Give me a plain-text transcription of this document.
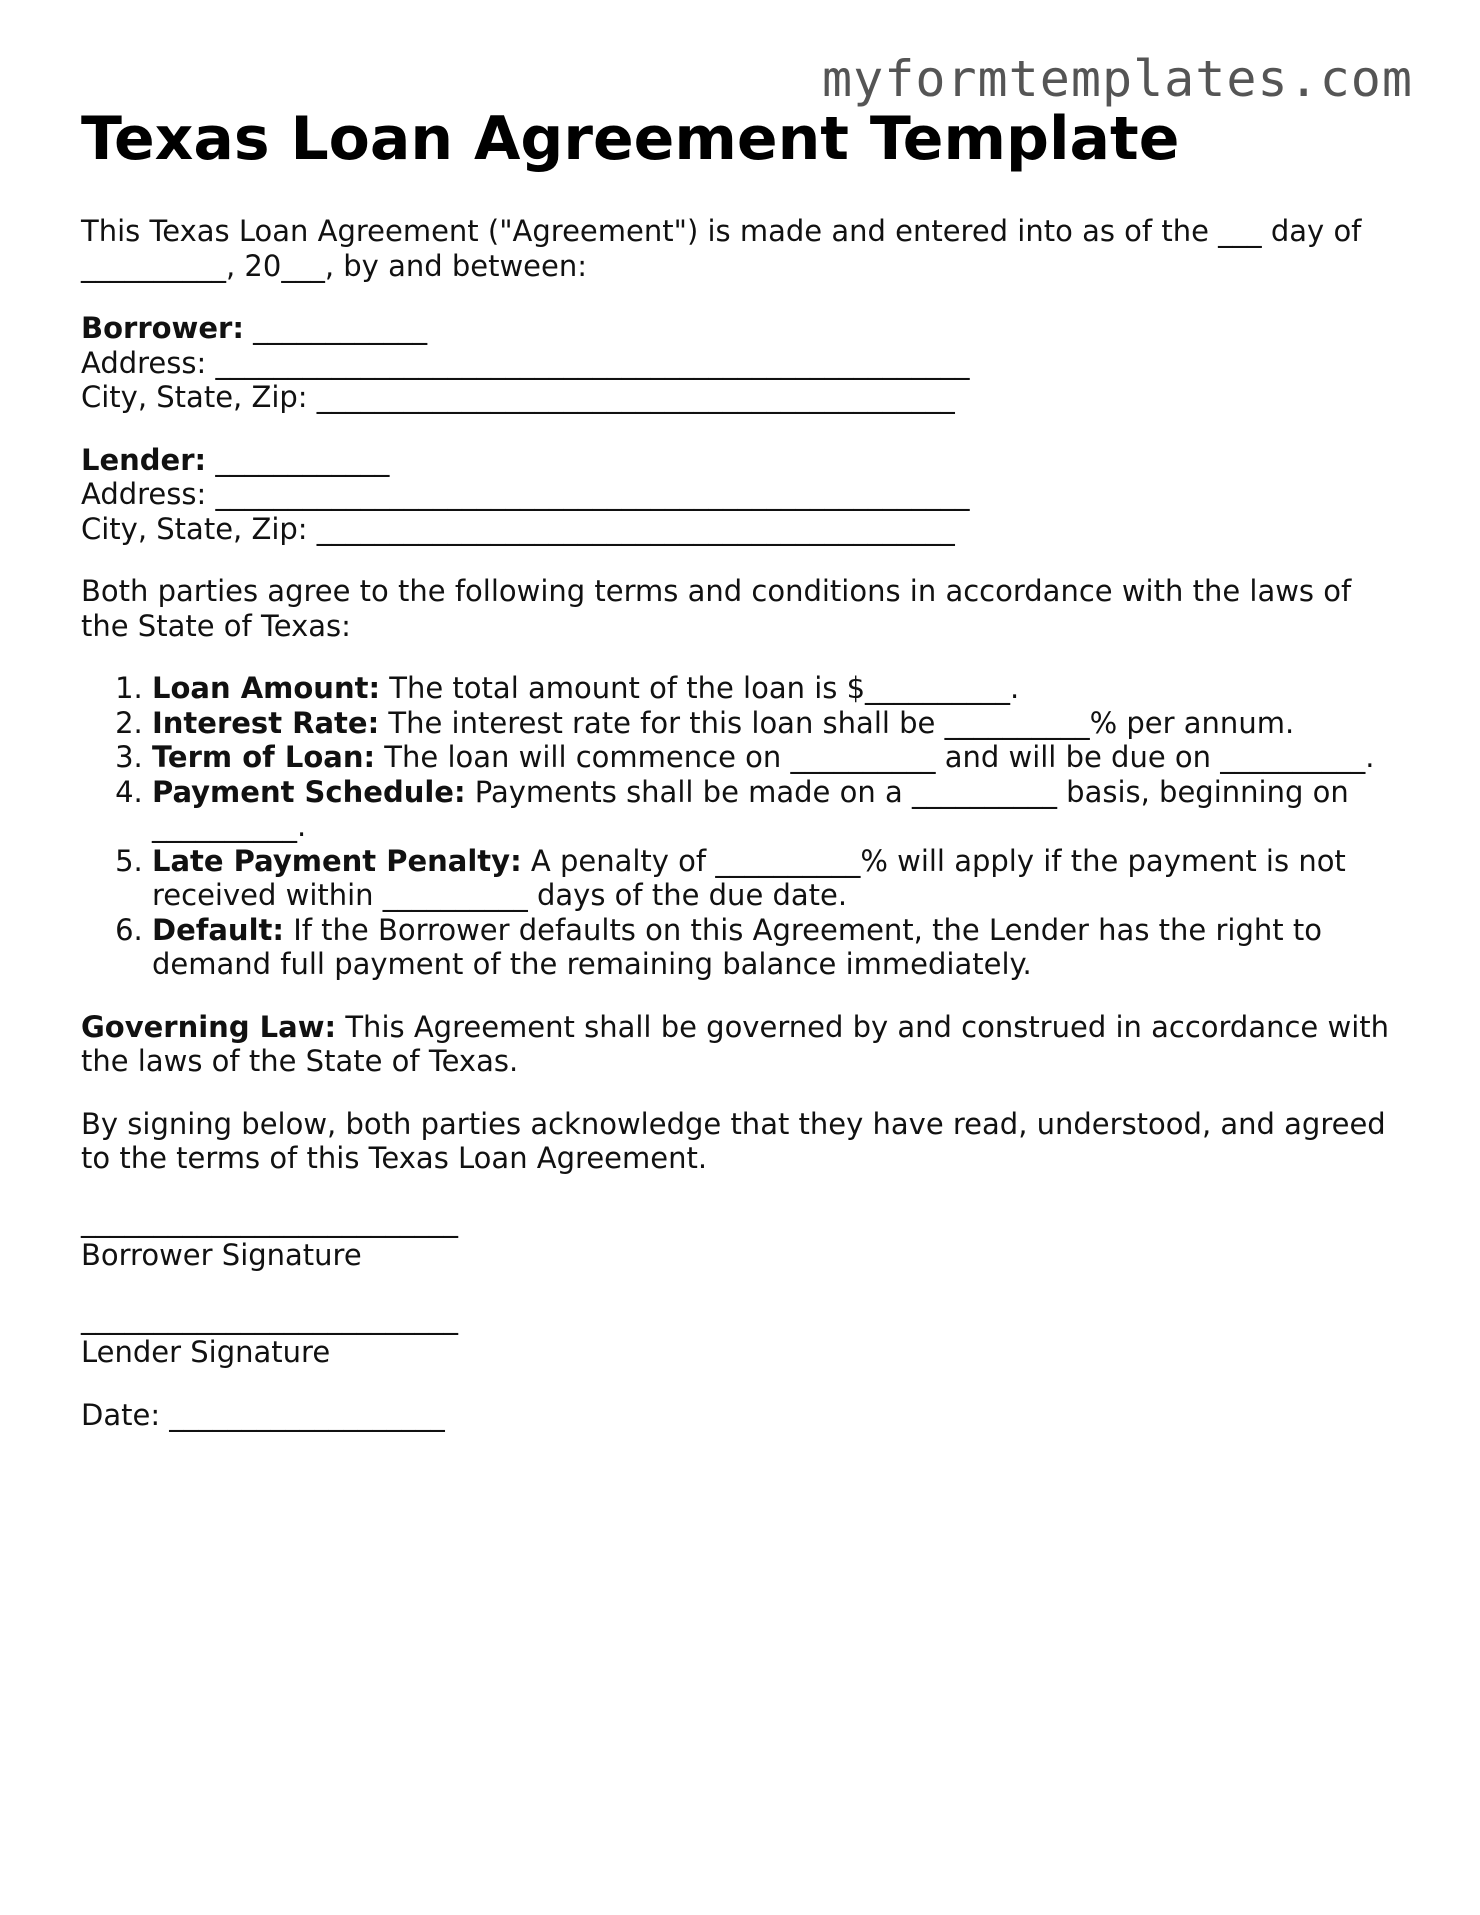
myformtemplates.com
Texas Loan Agreement Template

This Texas Loan Agreement ("Agreement") is made and entered into as of the ___ day of __________, 20___, by and between:

Borrower: ____________
Address: ____________________________________________________
City, State, Zip: ____________________________________________
Lender: ____________
Address: ____________________________________________________
City, State, Zip: ____________________________________________

Both parties agree to the following terms and conditions in accordance with the laws of the State of Texas:

1. Loan Amount: The total amount of the loan is $__________.
2. Interest Rate: The interest rate for this loan shall be __________% per annum.
3. Term of Loan: The loan will commence on __________ and will be due on __________.
4. Payment Schedule: Payments shall be made on a __________ basis, beginning on __________.
5. Late Payment Penalty: A penalty of __________% will apply if the payment is not received within __________ days of the due date.
6. Default: If the Borrower defaults on this Agreement, the Lender has the right to demand full payment of the remaining balance immediately.

Governing Law: This Agreement shall be governed by and construed in accordance with the laws of the State of Texas.

By signing below, both parties acknowledge that they have read, understood, and agreed to the terms of this Texas Loan Agreement.

__________________________
Borrower Signature
__________________________
Lender Signature
Date: ___________________
